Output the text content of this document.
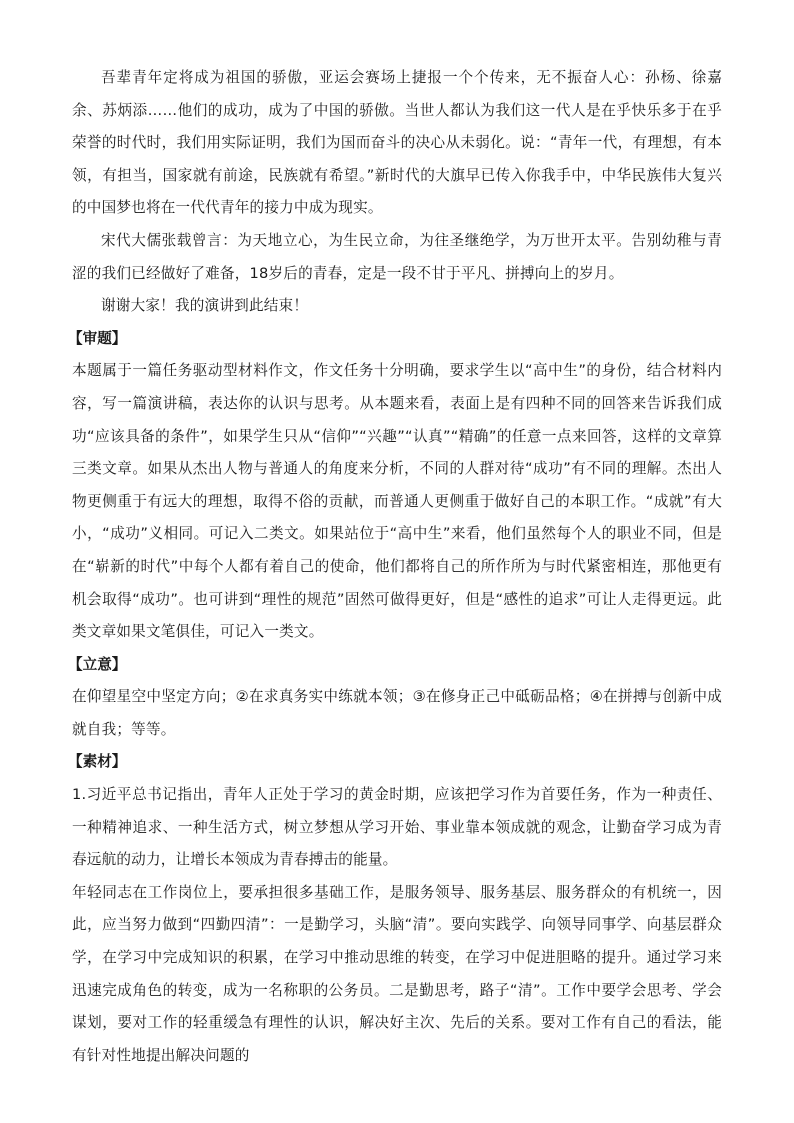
吾辈青年定将成为祖国的骄傲，亚运会赛场上捷报一个个传来，无不振奋人心：孙杨、徐嘉余、苏炳添……他们的成功，成为了中国的骄傲。当世人都认为我们这一代人是在乎快乐多于在乎荣誉的时代时，我们用实际证明，我们为国而奋斗的决心从未弱化。说：“青年一代，有理想，有本领，有担当，国家就有前途，民族就有希望。”新时代的大旗早已传入你我手中，中华民族伟大复兴的中国梦也将在一代代青年的接力中成为现实。

宋代大儒张载曾言：为天地立心，为生民立命，为往圣继绝学，为万世开太平。告别幼稚与青涩的我们已经做好了难备，18岁后的青春，定是一段不甘于平凡、拼搏向上的岁月。

谢谢大家！我的演讲到此结束！

【审题】

本题属于一篇任务驱动型材料作文，作文任务十分明确，要求学生以“高中生”的身份，结合材料内容，写一篇演讲稿，表达你的认识与思考。从本题来看，表面上是有四种不同的回答来告诉我们成功“应该具备的条件”，如果学生只从“信仰”“兴趣”“认真”“精确”的任意一点来回答，这样的文章算三类文章。如果从杰出人物与普通人的角度来分析，不同的人群对待“成功”有不同的理解。杰出人物更侧重于有远大的理想，取得不俗的贡献，而普通人更侧重于做好自己的本职工作。“成就”有大小，“成功”义相同。可记入二类文。如果站位于“高中生”来看，他们虽然每个人的职业不同，但是在“崭新的时代”中每个人都有着自己的使命，他们都将自己的所作所为与时代紧密相连，那他更有机会取得“成功”。也可讲到“理性的规范”固然可做得更好，但是“感性的追求”可让人走得更远。此类文章如果文笔俱佳，可记入一类文。

【立意】

在仰望星空中坚定方向；②在求真务实中练就本领；③在修身正己中砥砺品格；④在拼搏与创新中成就自我；等等。

【素材】

1.习近平总书记指出，青年人正处于学习的黄金时期，应该把学习作为首要任务，作为一种责任、一种精神追求、一种生活方式，树立梦想从学习开始、事业靠本领成就的观念，让勤奋学习成为青春远航的动力，让增长本领成为青春搏击的能量。

年轻同志在工作岗位上，要承担很多基础工作，是服务领导、服务基层、服务群众的有机统一，因此，应当努力做到“四勤四清”：一是勤学习，头脑“清”。要向实践学、向领导同事学、向基层群众学，在学习中完成知识的积累，在学习中推动思维的转变，在学习中促进胆略的提升。通过学习来迅速完成角色的转变，成为一名称职的公务员。二是勤思考，路子“清”。工作中要学会思考、学会谋划，要对工作的轻重缓急有理性的认识，解决好主次、先后的关系。要对工作有自己的看法，能有针对性地提出解决问题的
